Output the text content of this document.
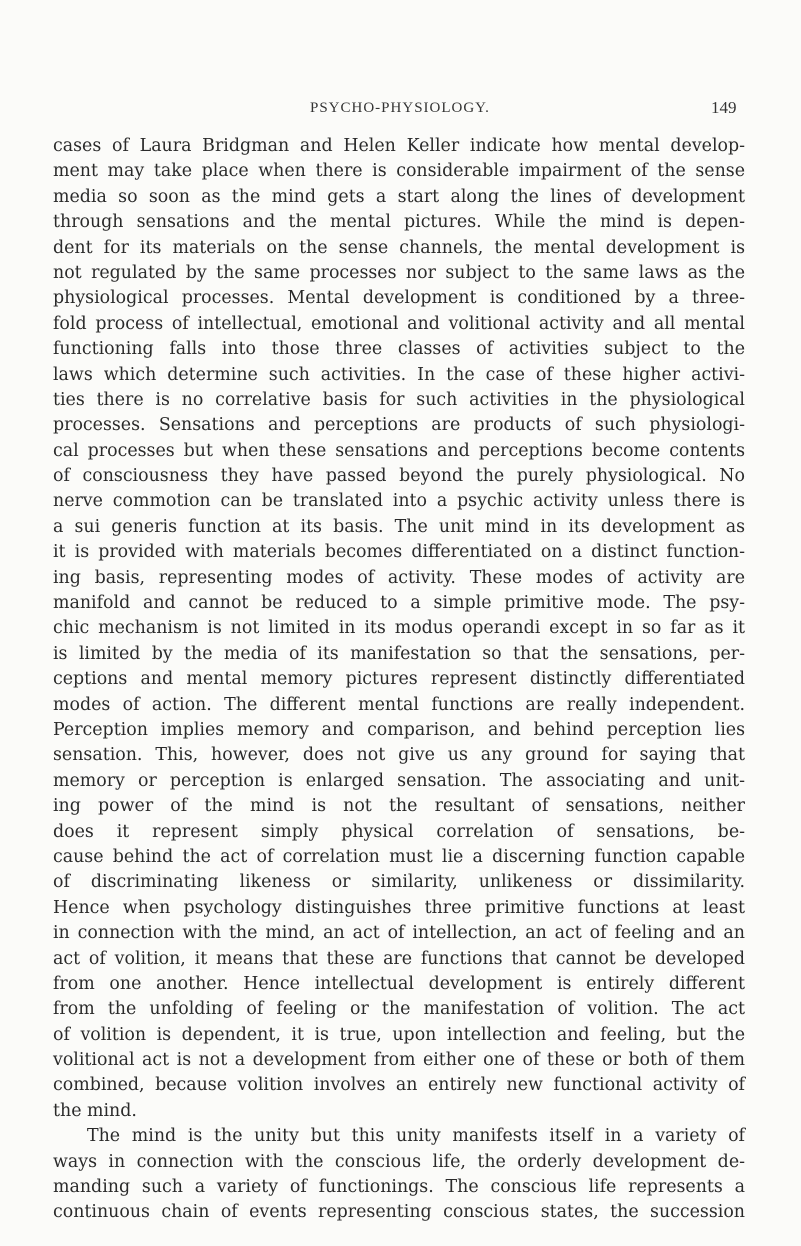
PSYCHO-PHYSIOLOGY.	149
cases of Laura Bridgman and Helen Keller indicate how mental develop-
ment may take place when there is considerable impairment of the sense
media so soon as the mind gets a start along the lines of development
through sensations and the mental pictures. While the mind is depen-
dent for its materials on the sense channels, the mental development is
not regulated by the same processes nor subject to the same laws as the
physiological processes. Mental development is conditioned by a three-
fold process of intellectual, emotional and volitional activity and all mental
functioning falls into those three classes of activities subject to the
laws which determine such activities. In the case of these higher activi-
ties there is no correlative basis for such activities in the physiological
processes. Sensations and perceptions are products of such physiologi-
cal processes but when these sensations and perceptions become contents
of consciousness they have passed beyond the purely physiological. No
nerve commotion can be translated into a psychic activity unless there is
a sui generis function at its basis. The unit mind in its development as
it is provided with materials becomes differentiated on a distinct function-
ing basis, representing modes of activity. These modes of activity are
manifold and cannot be reduced to a simple primitive mode. The psy-
chic mechanism is not limited in its modus operandi except in so far as it
is limited by the media of its manifestation so that the sensations, per-
ceptions and mental memory pictures represent distinctly differentiated
modes of action. The different mental functions are really independent.
Perception implies memory and comparison, and behind perception lies
sensation. This, however, does not give us any ground for saying that
memory or perception is enlarged sensation. The associating and unit-
ing power of the mind is not the resultant of sensations, neither
does it represent simply physical correlation of sensations, be-
cause behind the act of correlation must lie a discerning function capable
of discriminating likeness or similarity, unlikeness or dissimilarity.
Hence when psychology distinguishes three primitive functions at least
in connection with the mind, an act of intellection, an act of feeling and an
act of volition, it means that these are functions that cannot be developed
from one another. Hence intellectual development is entirely different
from the unfolding of feeling or the manifestation of volition. The act
of volition is dependent, it is true, upon intellection and feeling, but the
volitional act is not a development from either one of these or both of them
combined, because volition involves an entirely new functional activity of
the mind.
The mind is the unity but this unity manifests itself in a variety of
ways in connection with the conscious life, the orderly development de-
manding such a variety of functionings. The conscious life represents a
continuous chain of events representing conscious states, the succession
